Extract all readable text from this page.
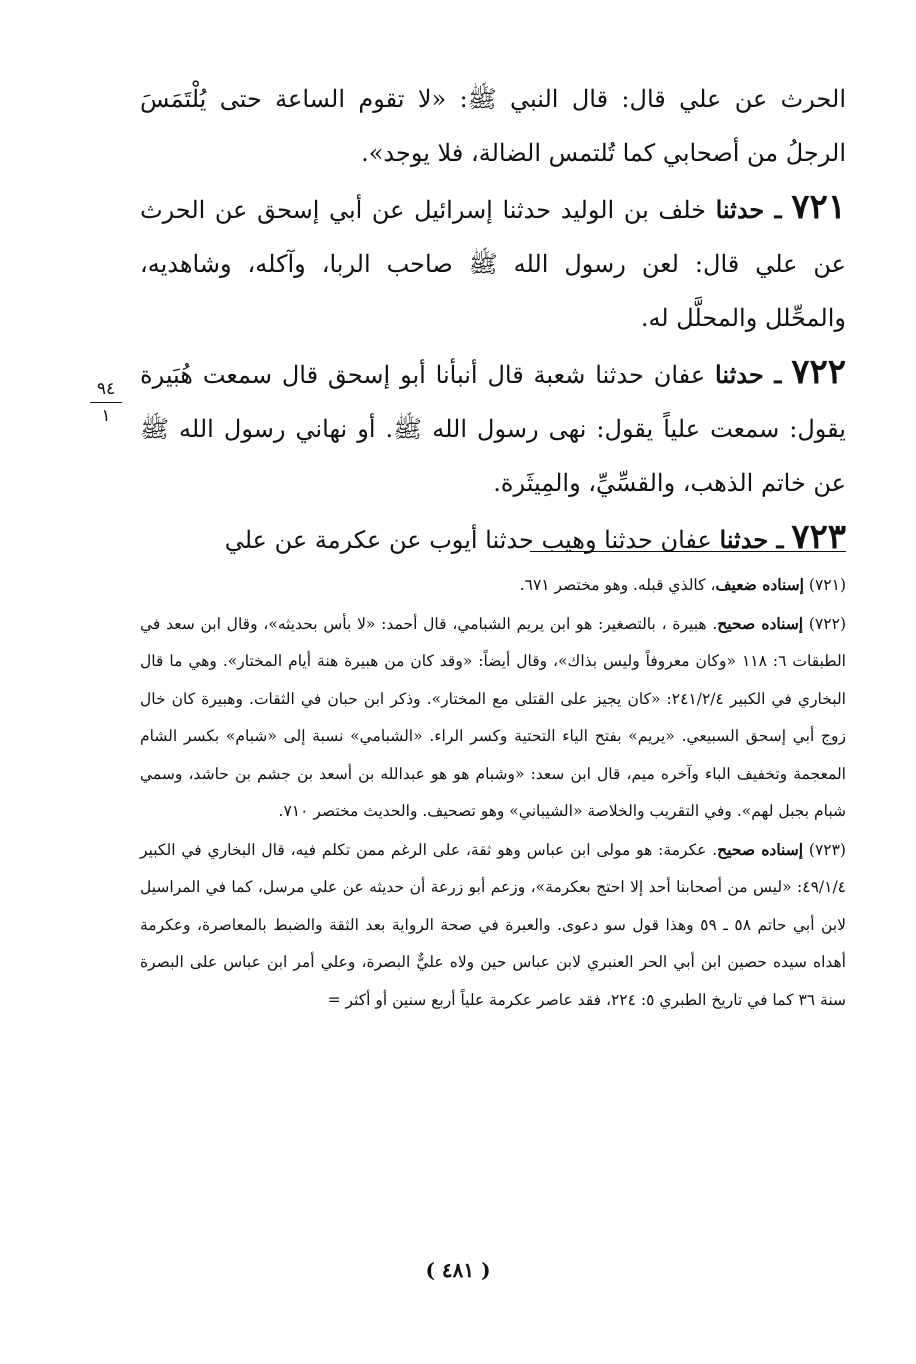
الحرث عن علي قال: قال النبي ﷺ: «لا تقوم الساعة حتى يُلْتَمَسَ الرجلُ من أصحابي كما تُلتمس الضالة، فلا يوجد».

٧٢١ ـ حدثنا خلف بن الوليد حدثنا إسرائيل عن أبي إسحق عن الحرث عن علي قال: لعن رسول الله ﷺ صاحب الربا، وآكله، وشاهديه، والمحِّلل والمحلَّل له.

٧٢٢ ـ حدثنا عفان حدثنا شعبة قال أنبأنا أبو إسحق قال سمعت هُبَيرة يقول: سمعت علياً يقول: نهى رسول الله ﷺ. أو نهاني رسول الله ﷺ عن خاتم الذهب، والقسِّيِّ، والمِيثَرة.

٧٢٣ ـ حدثنا عفان حدثنا وهيب حدثنا أيوب عن عكرمة عن علي

٩٤
١

(٧٢١) إسناده ضعيف، كالذي قبله. وهو مختصر ٦٧١.

(٧٢٢) إسناده صحيح. هبيرة ، بالتصغير: هو ابن يريم الشبامي، قال أحمد: «لا بأس بحديثه»، وقال ابن سعد في الطبقات ٦: ١١٨ «وكان معروفاً وليس بذاك»، وقال أيضاً: «وقد كان من هبيرة هنة أيام المختار». وهي ما قال البخاري في الكبير ٢٤١/٢/٤: «كان يجيز على القتلى مع المختار». وذكر ابن حبان في الثقات. وهبيرة كان خال زوج أبي إسحق السبيعي. «يريم» بفتح الياء التحتية وكسر الراء. «الشبامي» نسبة إلى «شبام» بكسر الشام المعجمة وتخفيف الباء وآخره ميم، قال ابن سعد: «وشبام هو هو عبدالله بن أسعد بن جشم بن حاشد، وسمي شبام بجبل لهم». وفي التقريب والخلاصة «الشيباني» وهو تصحيف. والحديث مختصر ٧١٠.

(٧٢٣) إسناده صحيح. عكرمة: هو مولى ابن عباس وهو ثقة، على الرغم ممن تكلم فيه، قال البخاري في الكبير ٤٩/١/٤: «ليس من أصحابنا أحد إلا احتج بعكرمة»، وزعم أبو زرعة أن حديثه عن علي مرسل، كما في المراسيل لابن أبي حاتم ٥٨ ـ ٥٩ وهذا قول سو دعوى. والعبرة في صحة الرواية بعد الثقة والضبط بالمعاصرة، وعكرمة أهداه سيده حصين ابن أبي الحر العنبري لابن عباس حين ولاه عليٌّ البصرة، وعلي أمر ابن عباس على البصرة سنة ٣٦ كما في تاريخ الطبري ٥: ٢٢٤، فقد عاصر عكرمة علياً أربع سنين أو أكثر =

( ٤٨١ )
